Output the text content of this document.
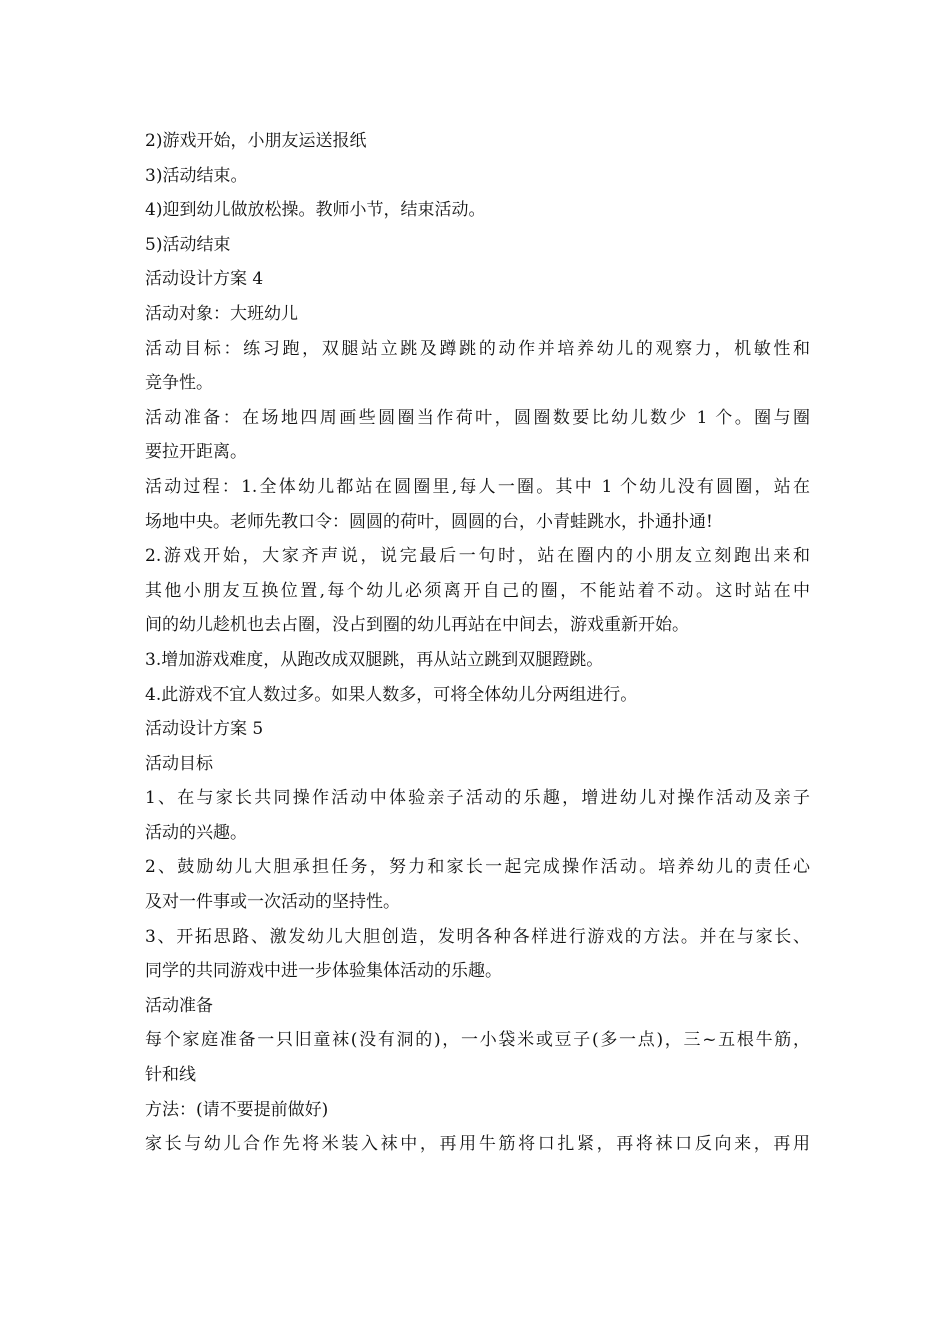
2)游戏开始，小朋友运送报纸

3)活动结束。

4)迎到幼儿做放松操。教师小节，结束活动。

5)活动结束

活动设计方案 4

活动对象：大班幼儿

活动目标：练习跑，双腿站立跳及蹲跳的动作并培养幼儿的观察力，机敏性和

竞争性。

活动准备：在场地四周画些圆圈当作荷叶，圆圈数要比幼儿数少 1 个。圈与圈

要拉开距离。

活动过程：1.全体幼儿都站在圆圈里,每人一圈。其中 1 个幼儿没有圆圈，站在

场地中央。老师先教口令：圆圆的荷叶，圆圆的台，小青蛙跳水，扑通扑通!

2.游戏开始，大家齐声说，说完最后一句时，站在圈内的小朋友立刻跑出来和

其他小朋友互换位置,每个幼儿必须离开自己的圈，不能站着不动。这时站在中

间的幼儿趁机也去占圈，没占到圈的幼儿再站在中间去，游戏重新开始。

3.增加游戏难度，从跑改成双腿跳，再从站立跳到双腿蹬跳。

4.此游戏不宜人数过多。如果人数多，可将全体幼儿分两组进行。

活动设计方案 5

活动目标

1、在与家长共同操作活动中体验亲子活动的乐趣，增进幼儿对操作活动及亲子

活动的兴趣。

2、鼓励幼儿大胆承担任务，努力和家长一起完成操作活动。培养幼儿的责任心

及对一件事或一次活动的坚持性。

3、开拓思路、激发幼儿大胆创造，发明各种各样进行游戏的方法。并在与家长、

同学的共同游戏中进一步体验集体活动的乐趣。

活动准备

每个家庭准备一只旧童袜(没有洞的)，一小袋米或豆子(多一点)，三~五根牛筋，

针和线

方法：(请不要提前做好)

家长与幼儿合作先将米装入袜中，再用牛筋将口扎紧，再将袜口反向来，再用
